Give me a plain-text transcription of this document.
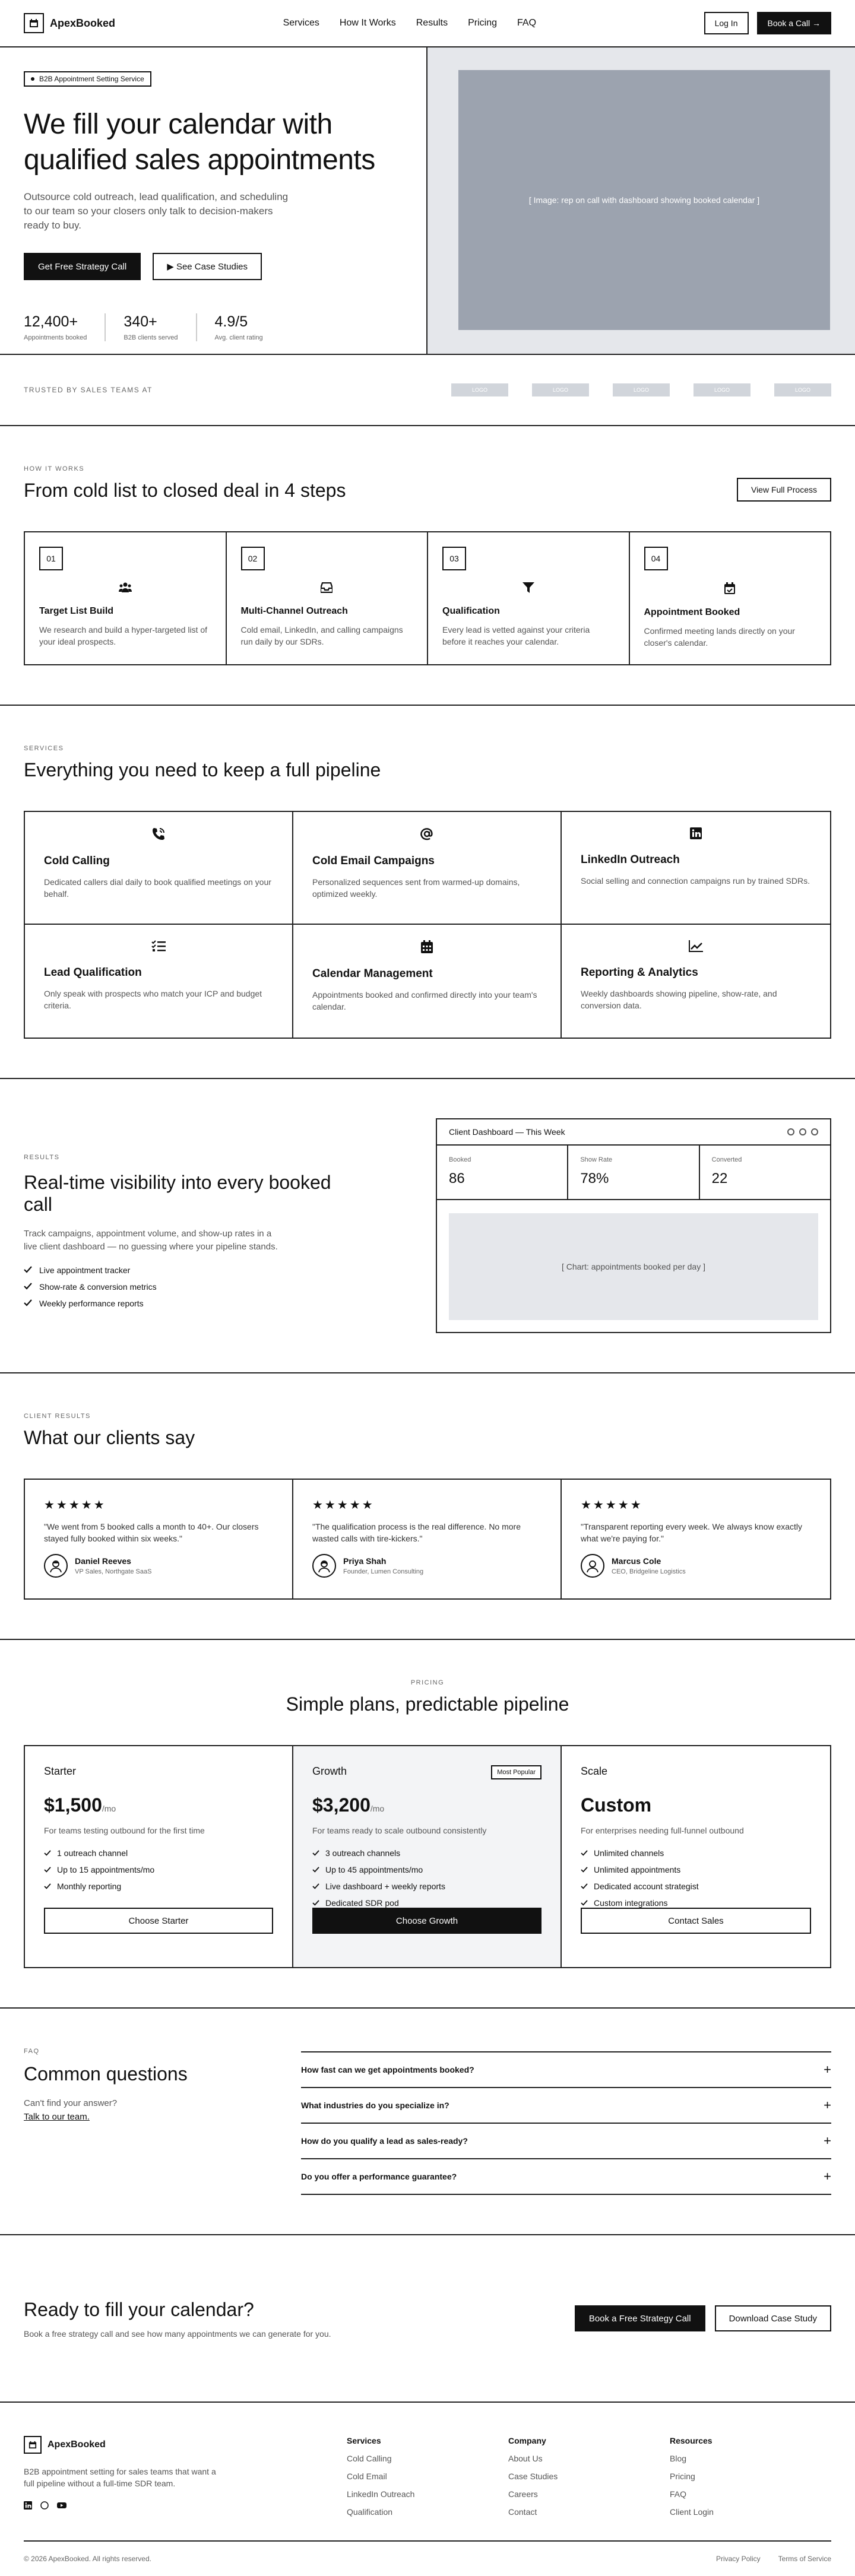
ApexBooked	Services How It Works Results Pricing FAQ	Log In	Book a Call →
B2B Appointment Setting Service
We fill your calendar with qualified sales appointments

Outsource cold outreach, lead qualification, and scheduling to our team so your closers only talk to decision-makers ready to buy.

Get Free Strategy Call	▶ See Case Studies
12,400+
Appointments booked
340+
B2B clients served
4.9/5
Avg. client rating
[ Image: rep on call with dashboard showing booked calendar ]
TRUSTED BY SALES TEAMS AT	LOGO	LOGO	LOGO	LOGO	LOGO
HOW IT WORKS
From cold list to closed deal in 4 steps	View Full Process
01
Target List Build

We research and build a hyper-targeted list of your ideal prospects.

02
Multi-Channel Outreach

Cold email, LinkedIn, and calling campaigns run daily by our SDRs.

03
Qualification

Every lead is vetted against your criteria before it reaches your calendar.

04
Appointment Booked

Confirmed meeting lands directly on your closer's calendar.

SERVICES
Everything you need to keep a full pipeline
Cold Calling

Dedicated callers dial daily to book qualified meetings on your behalf.

Cold Email Campaigns

Personalized sequences sent from warmed-up domains, optimized weekly.

LinkedIn Outreach

Social selling and connection campaigns run by trained SDRs.

Lead Qualification

Only speak with prospects who match your ICP and budget criteria.

Calendar Management

Appointments booked and confirmed directly into your team's calendar.

Reporting & Analytics

Weekly dashboards showing pipeline, show-rate, and conversion data.

RESULTS
Real-time visibility into every booked call

Track campaigns, appointment volume, and show-up rates in a live client dashboard — no guessing where your pipeline stands.

Live appointment tracker
Show-rate & conversion metrics
Weekly performance reports
Client Dashboard — This Week
Booked
86
Show Rate
78%
Converted
22
[ Chart: appointments booked per day ]
CLIENT RESULTS
What our clients say
★★★★★

"We went from 5 booked calls a month to 40+. Our closers stayed fully booked within six weeks."

Daniel Reeves
VP Sales, Northgate SaaS
★★★★★

"The qualification process is the real difference. No more wasted calls with tire-kickers."

Priya Shah
Founder, Lumen Consulting
★★★★★

"Transparent reporting every week. We always know exactly what we're paying for."

Marcus Cole
CEO, Bridgeline Logistics
PRICING
Simple plans, predictable pipeline
Starter
$1,500/mo

For teams testing outbound for the first time

1 outreach channel
Up to 15 appointments/mo
Monthly reporting
Choose Starter
Growth	Most Popular
$3,200/mo

For teams ready to scale outbound consistently

3 outreach channels
Up to 45 appointments/mo
Live dashboard + weekly reports
Dedicated SDR pod
Choose Growth
Scale
Custom

For enterprises needing full-funnel outbound

Unlimited channels
Unlimited appointments
Dedicated account strategist
Custom integrations
Contact Sales
FAQ
Common questions

Can't find your answer?

Talk to our team.
How fast can we get appointments booked?	+
What industries do you specialize in?	+
How do you qualify a lead as sales-ready?	+
Do you offer a performance guarantee?	+
Ready to fill your calendar?

Book a free strategy call and see how many appointments we can generate for you.

Book a Free Strategy Call	Download Case Study
ApexBooked

B2B appointment setting for sales teams that want a full pipeline without a full-time SDR team.

Services
Cold Calling
Cold Email
LinkedIn Outreach
Qualification
Company
About Us
Case Studies
Careers
Contact
Resources
Blog
Pricing
FAQ
Client Login
© 2026 ApexBooked. All rights reserved.	Privacy Policy	Terms of Service
